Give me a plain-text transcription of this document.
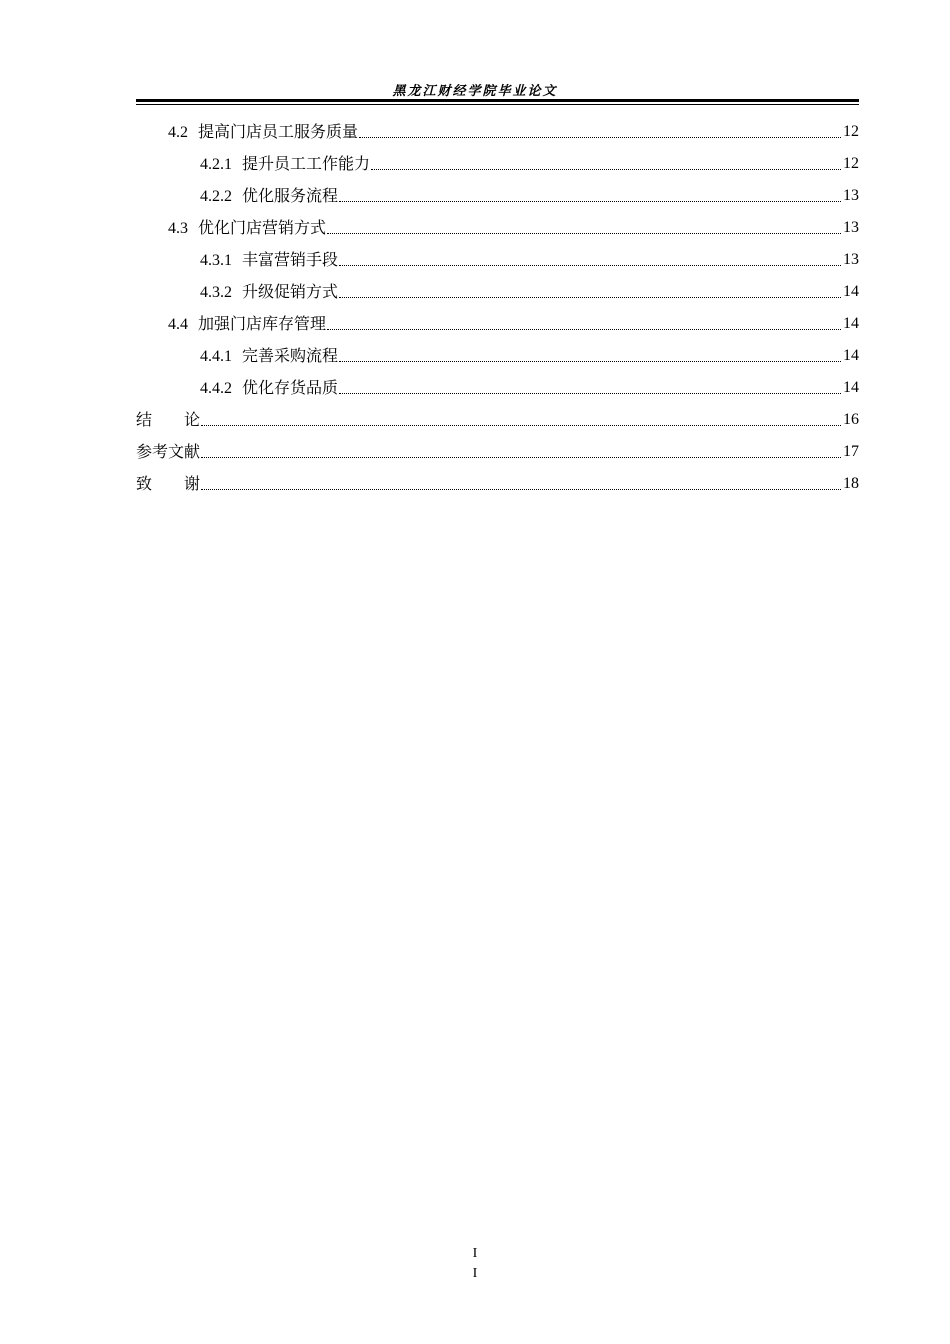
黑龙江财经学院毕业论文
4.2 提高门店员工服务质量	12
4.2.1 提升员工工作能力	12
4.2.2 优化服务流程	13
4.3 优化门店营销方式	13
4.3.1 丰富营销手段	13
4.3.2 升级促销方式	14
4.4 加强门店库存管理	14
4.4.1 完善采购流程	14
4.4.2 优化存货品质	14
结　　论	16
参考文献	17
致　　谢	18
I
I
